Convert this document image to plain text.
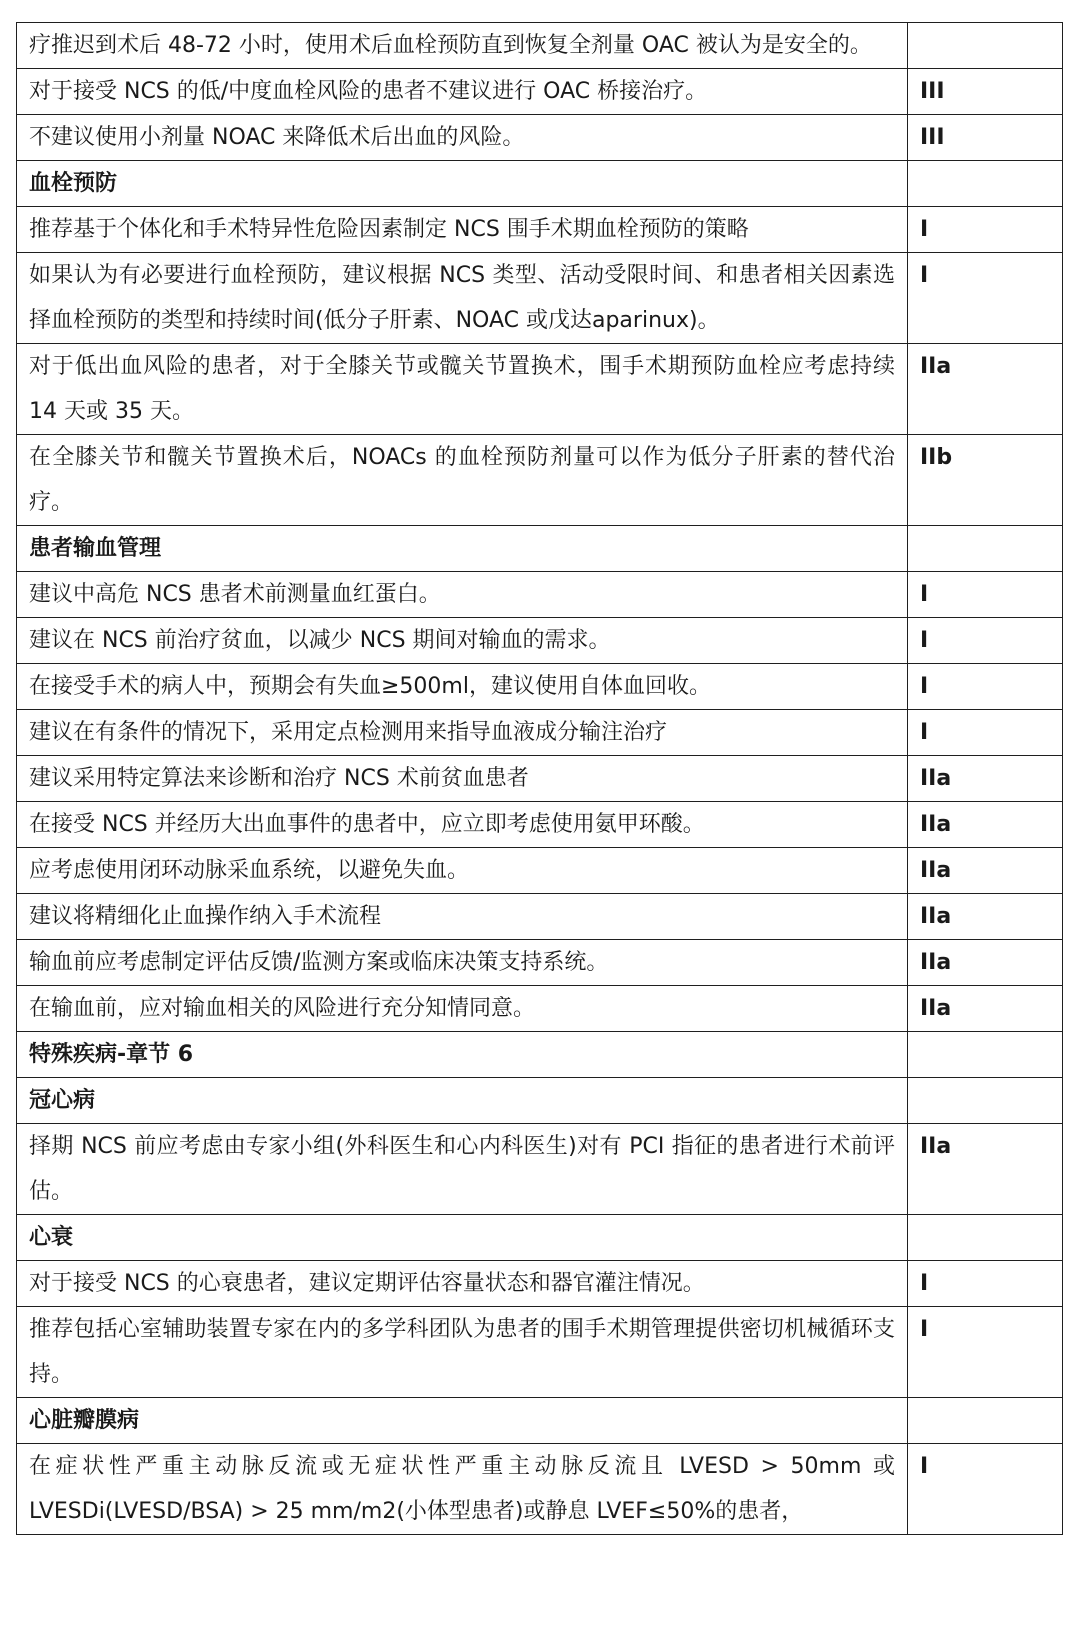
疗推迟到术后 48-72 小时，使用术后血栓预防直到恢复全剂量 OAC 被认为是安全的。	
对于接受 NCS 的低/中度血栓风险的患者不建议进行 OAC 桥接治疗。	III
不建议使用小剂量 NOAC 来降低术后出血的风险。	III
血栓预防	
推荐基于个体化和手术特异性危险因素制定 NCS 围手术期血栓预防的策略	I
如果认为有必要进行血栓预防，建议根据 NCS 类型、活动受限时间、和患者相关因素选择血栓预防的类型和持续时间(低分子肝素、NOAC 或戊达aparinux)。	I
对于低出血风险的患者，对于全膝关节或髋关节置换术，围手术期预防血栓应考虑持续 14 天或 35 天。	IIa
在全膝关节和髋关节置换术后，NOACs 的血栓预防剂量可以作为低分子肝素的替代治疗。	IIb
患者输血管理	
建议中高危 NCS 患者术前测量血红蛋白。	I
建议在 NCS 前治疗贫血，以减少 NCS 期间对输血的需求。	I
在接受手术的病人中，预期会有失血≥500ml，建议使用自体血回收。	I
建议在有条件的情况下，采用定点检测用来指导血液成分输注治疗	I
建议采用特定算法来诊断和治疗 NCS 术前贫血患者	IIa
在接受 NCS 并经历大出血事件的患者中，应立即考虑使用氨甲环酸。	IIa
应考虑使用闭环动脉采血系统，以避免失血。	IIa
建议将精细化止血操作纳入手术流程	IIa
输血前应考虑制定评估反馈/监测方案或临床决策支持系统。	IIa
在输血前，应对输血相关的风险进行充分知情同意。	IIa
特殊疾病-章节 6	
冠心病	
择期 NCS 前应考虑由专家小组(外科医生和心内科医生)对有 PCI 指征的患者进行术前评估。	IIa
心衰	
对于接受 NCS 的心衰患者，建议定期评估容量状态和器官灌注情况。	I
推荐包括心室辅助装置专家在内的多学科团队为患者的围手术期管理提供密切机械循环支持。	I
心脏瓣膜病	
在症状性严重主动脉反流或无症状性严重主动脉反流且 LVESD > 50mm 或 LVESDi(LVESD/BSA) > 25 mm/m2(小体型患者)或静息 LVEF≤50%的患者，	I
